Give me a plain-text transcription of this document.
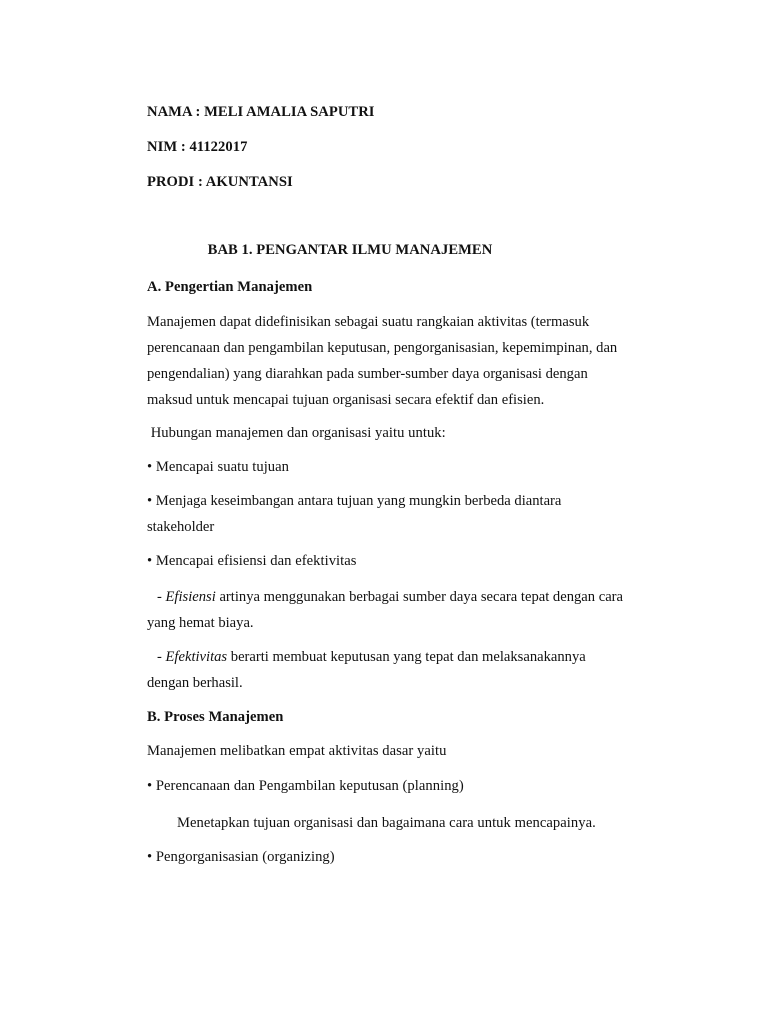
NAMA : MELI AMALIA SAPUTRI
NIM : 41122017
PRODI : AKUNTANSI
BAB 1. PENGANTAR ILMU MANAJEMEN
A. Pengertian Manajemen
Manajemen dapat didefinisikan sebagai suatu rangkaian aktivitas (termasuk
perencanaan dan pengambilan keputusan, pengorganisasian, kepemimpinan, dan
pengendalian) yang diarahkan pada sumber-sumber daya organisasi dengan
maksud untuk mencapai tujuan organisasi secara efektif dan efisien.
Hubungan manajemen dan organisasi yaitu untuk:
• Mencapai suatu tujuan
• Menjaga keseimbangan antara tujuan yang mungkin berbeda diantara
stakeholder
• Mencapai efisiensi dan efektivitas
- Efisiensi artinya menggunakan berbagai sumber daya secara tepat dengan cara
yang hemat biaya.
- Efektivitas berarti membuat keputusan yang tepat dan melaksanakannya
dengan berhasil.
B. Proses Manajemen
Manajemen melibatkan empat aktivitas dasar yaitu
• Perencanaan dan Pengambilan keputusan (planning)
Menetapkan tujuan organisasi dan bagaimana cara untuk mencapainya.
• Pengorganisasian (organizing)
